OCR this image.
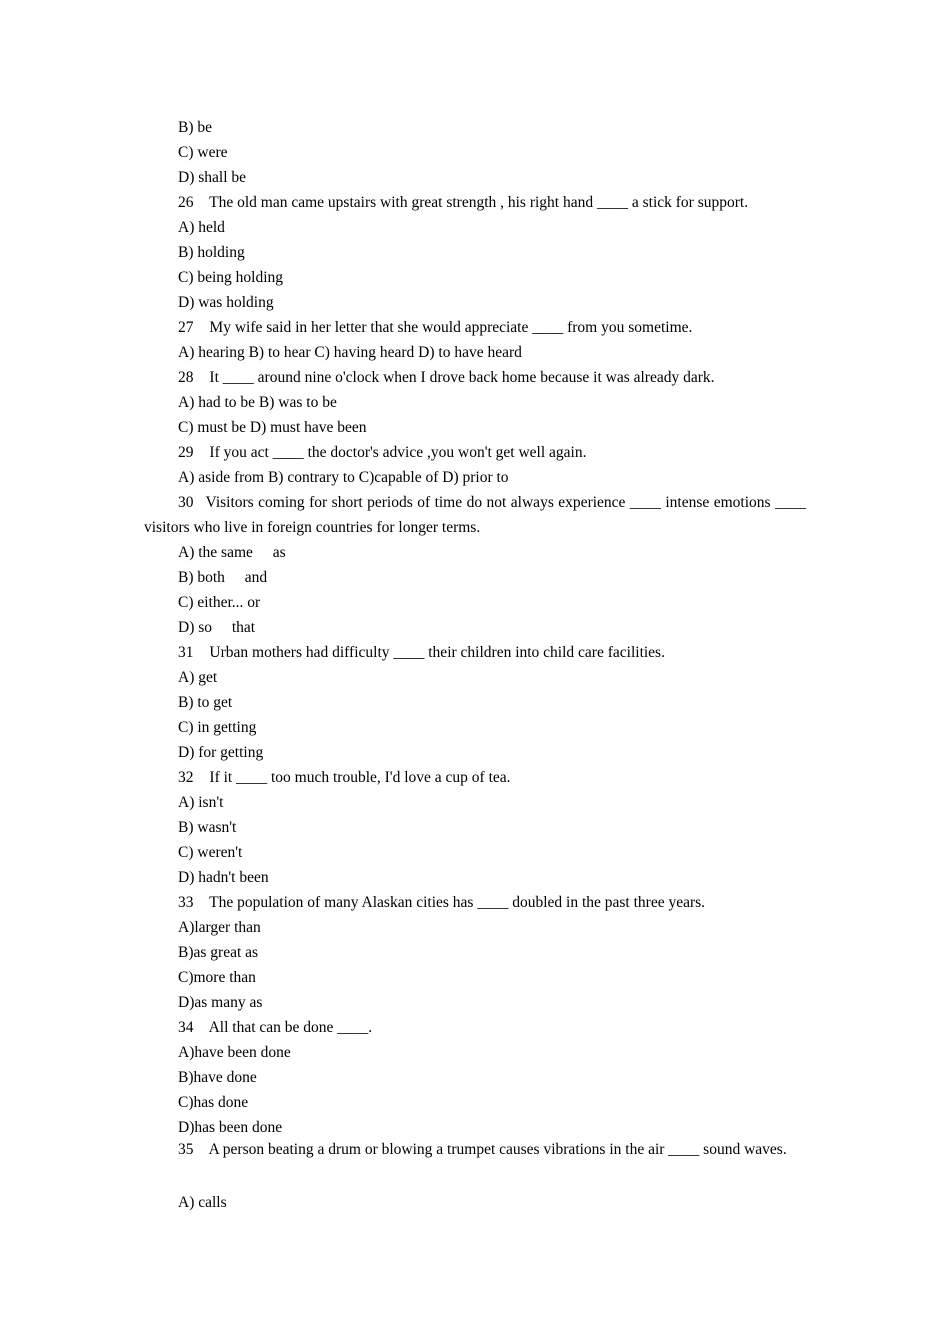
B) be
C) were
D) shall be
26  The old man came upstairs with great strength , his right hand ____ a stick for support.
A) held
B) holding
C) being holding
D) was holding
27  My wife said in her letter that she would appreciate ____ from you sometime.
A) hearing B) to hear C) having heard D) to have heard
28  It ____ around nine o'clock when I drove back home because it was already dark.
A) had to be B) was to be
C) must be D) must have been
29  If you act ____ the doctor's advice ,you won't get well again.
A) aside from B) contrary to C)capable of D) prior to
30 Visitors coming for short periods of time do not always experience ____ intense emotions ____ visitors who live in foreign countries for longer terms.
A) the same   as
B) both   and
C) either... or
D) so   that
31  Urban mothers had difficulty ____ their children into child care facilities.
A) get
B) to get
C) in getting
D) for getting
32  If it ____ too much trouble, I'd love a cup of tea.
A) isn't
B) wasn't
C) weren't
D) hadn't been
33  The population of many Alaskan cities has ____ doubled in the past three years.
A)larger than
B)as great as
C)more than
D)as many as
34  All that can be done ____.
A)have been done
B)have done
C)has done
D)has been done
35  A person beating a drum or blowing a trumpet causes vibrations in the air ____ sound waves.
A) calls
